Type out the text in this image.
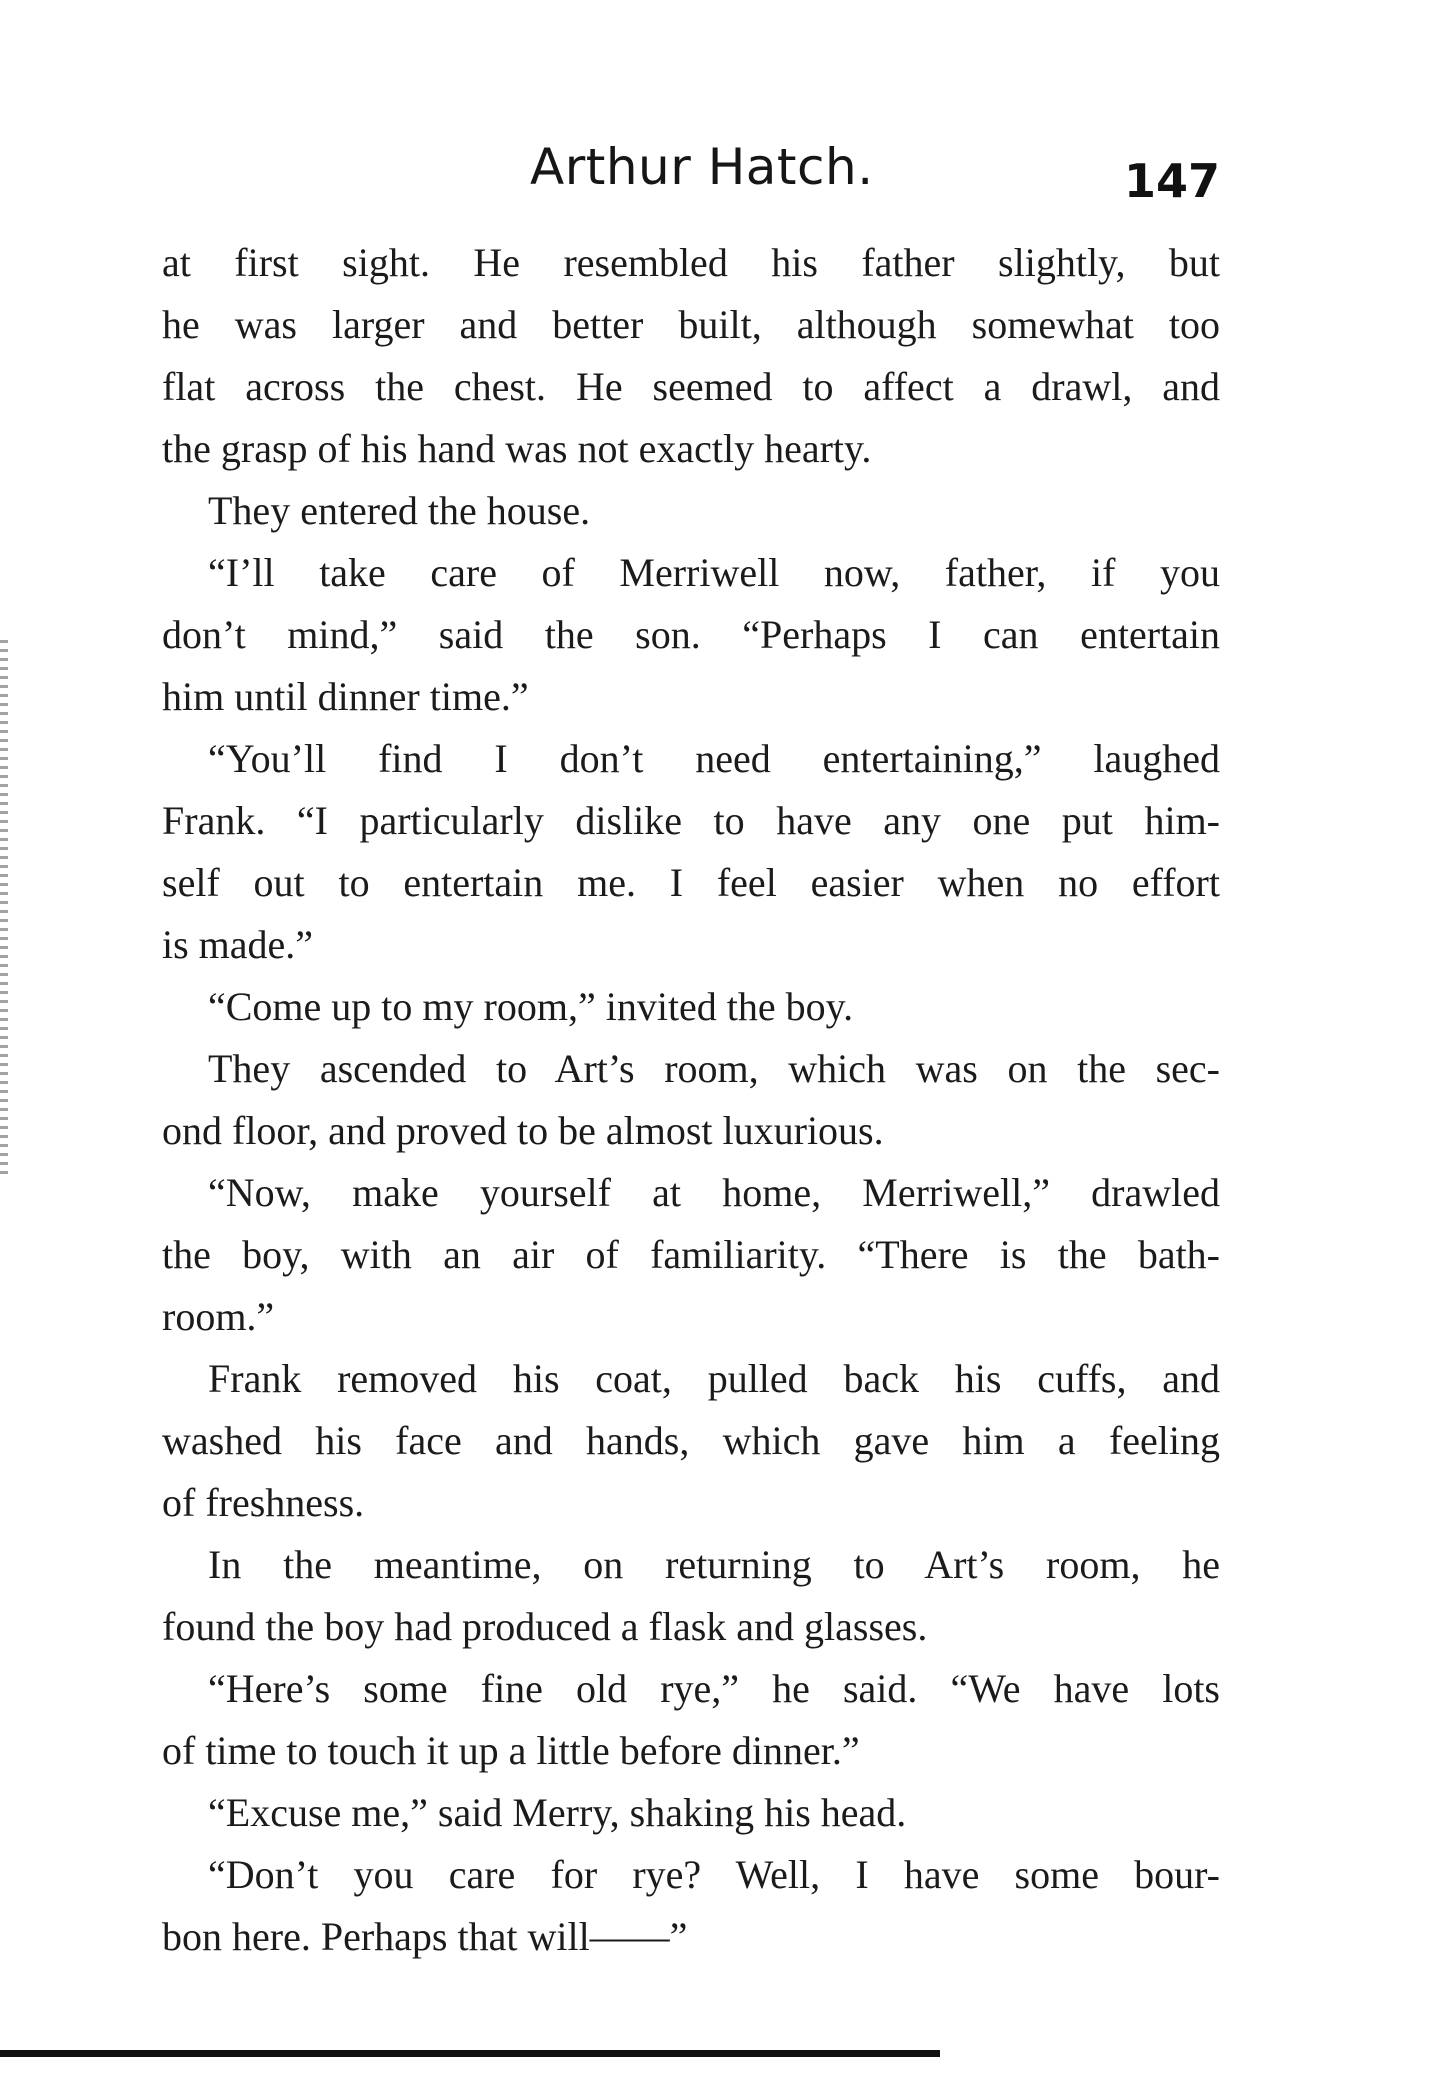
Arthur Hatch.	147
at first sight. He resembled his father slightly, but
he was larger and better built, although somewhat too
flat across the chest. He seemed to affect a drawl, and
the grasp of his hand was not exactly hearty.
They entered the house.
“I’ll take care of Merriwell now, father, if you
don’t mind,” said the son. “Perhaps I can entertain
him until dinner time.”
“You’ll find I don’t need entertaining,” laughed
Frank. “I particularly dislike to have any one put him-
self out to entertain me. I feel easier when no effort
is made.”
“Come up to my room,” invited the boy.
They ascended to Art’s room, which was on the sec-
ond floor, and proved to be almost luxurious.
“Now, make yourself at home, Merriwell,” drawled
the boy, with an air of familiarity. “There is the bath-
room.”
Frank removed his coat, pulled back his cuffs, and
washed his face and hands, which gave him a feeling
of freshness.
In the meantime, on returning to Art’s room, he
found the boy had produced a flask and glasses.
“Here’s some fine old rye,” he said. “We have lots
of time to touch it up a little before dinner.”
“Excuse me,” said Merry, shaking his head.
“Don’t you care for rye? Well, I have some bour-
bon here. Perhaps that will——”
